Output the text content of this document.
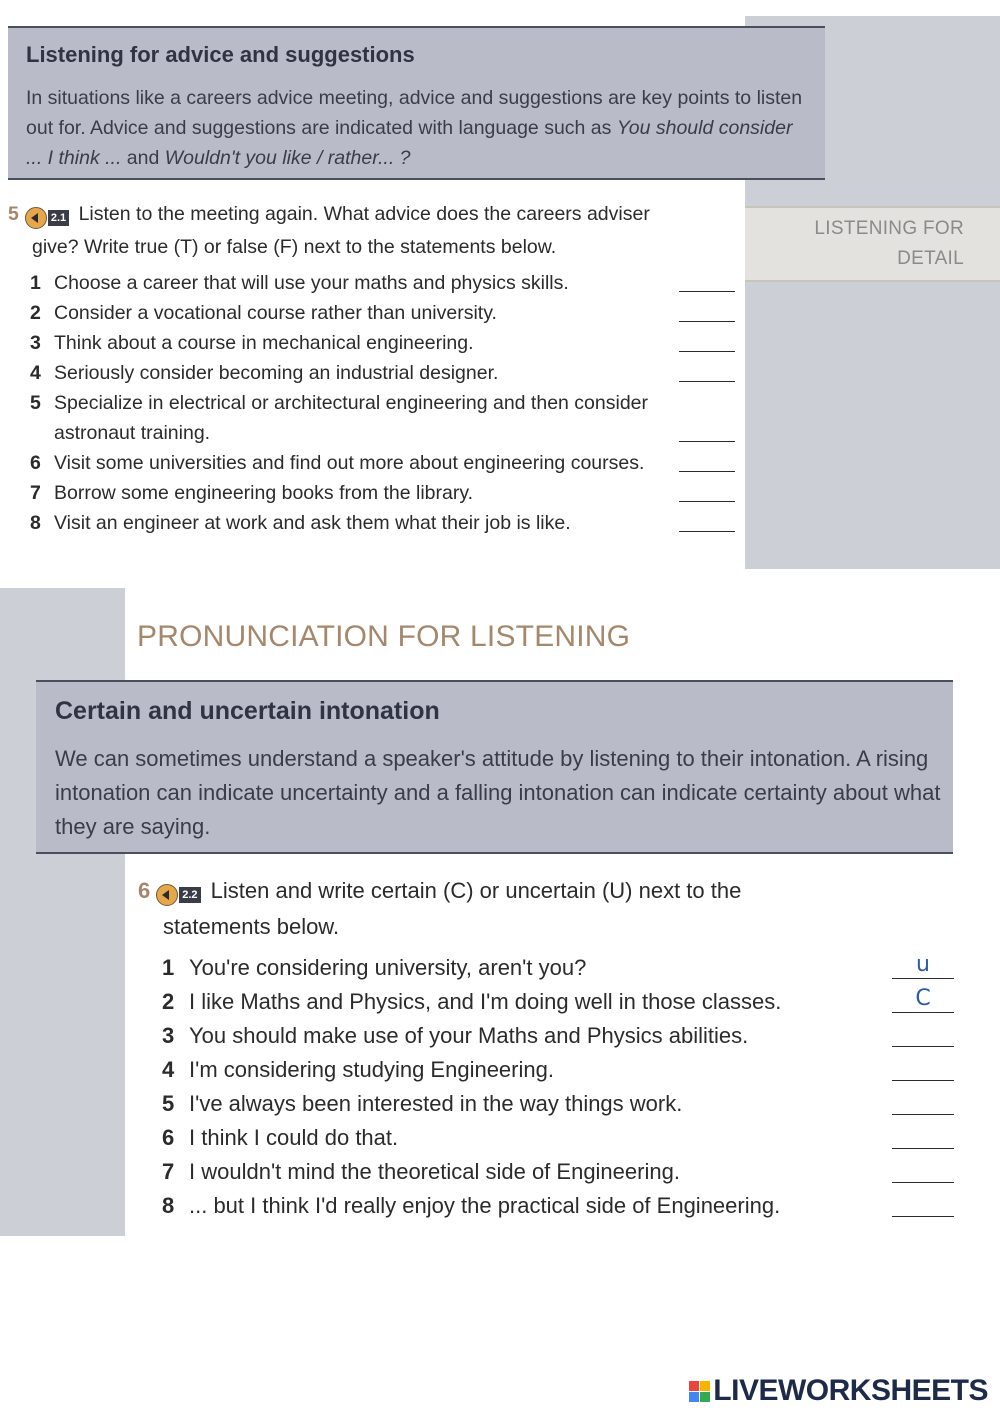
LISTENING FOR DETAIL
Listening for advice and suggestions
In situations like a careers advice meeting, advice and suggestions are key points to listen out for. Advice and suggestions are indicated with language such as You should consider ... I think ... and Wouldn't you like / rather... ?
5	2.1 Listen to the meeting again. What advice does the careers adviser
give? Write true (T) or false (F) next to the statements below.
1 Choose a career that will use your maths and physics skills.
2 Consider a vocational course rather than university.
3 Think about a course in mechanical engineering.
4 Seriously consider becoming an industrial designer.
5 Specialize in electrical or architectural engineering and then consider astronaut training.
6 Visit some universities and find out more about engineering courses.
7 Borrow some engineering books from the library.
8 Visit an engineer at work and ask them what their job is like.
PRONUNCIATION FOR LISTENING
Certain and uncertain intonation
We can sometimes understand a speaker's attitude by listening to their intonation. A rising intonation can indicate uncertainty and a falling intonation can indicate certainty about what they are saying.
6	2.2 Listen and write certain (C) or uncertain (U) next to the
statements below.
1 You're considering university, aren't you?	u
2 I like Maths and Physics, and I'm doing well in those classes.	C
3 You should make use of your Maths and Physics abilities.
4 I'm considering studying Engineering.
5 I've always been interested in the way things work.
6 I think I could do that.
7 I wouldn't mind the theoretical side of Engineering.
8 ... but I think I'd really enjoy the practical side of Engineering.
LIVEWORKSHEETS
